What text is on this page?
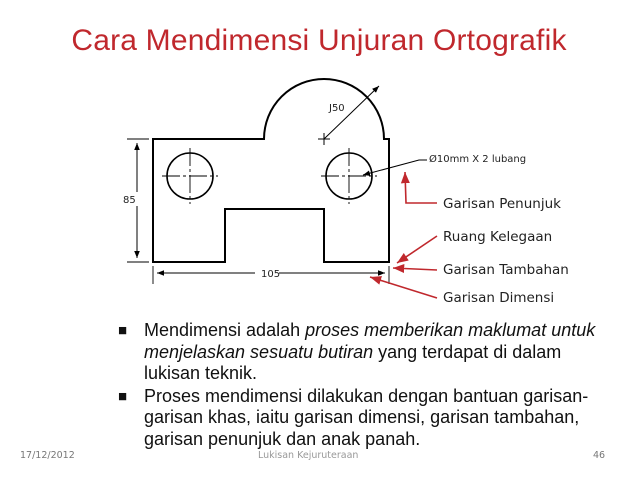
Cara Mendimensi Unjuran Ortografik
J50
85
105
Ø10mm X 2 lubang
Garisan Penunjuk
Ruang Kelegaan
Garisan Tambahan
Garisan Dimensi
■ Mendimensi adalah proses memberikan maklumat untuk menjelaskan sesuatu butiran yang terdapat di dalam lukisan teknik.
■ Proses mendimensi dilakukan dengan bantuan garisan-garisan khas, iaitu garisan dimensi, garisan tambahan, garisan penunjuk dan anak panah.
17/12/2012	Lukisan Kejuruteraan	46
